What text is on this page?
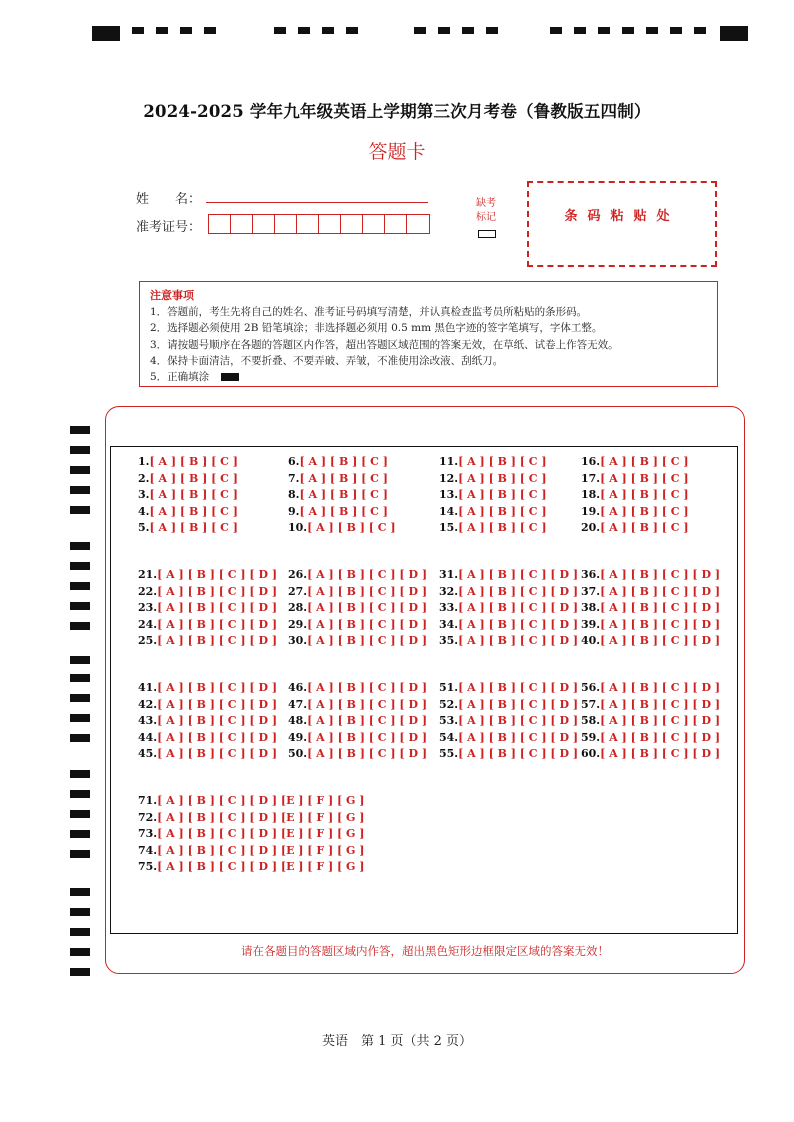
2024-2025 学年九年级英语上学期第三次月考卷（鲁教版五四制）
答题卡
姓　　名：
准考证号：
缺考
标记	条码粘贴处
注意事项
1．答题前，考生先将自己的姓名、准考证号码填写清楚，并认真检查监考员所粘贴的条形码。
2．选择题必须使用 2B 铅笔填涂；非选择题必须用 0.5 mm 黑色字迹的签字笔填写，字体工整。
3．请按题号顺序在各题的答题区内作答，超出答题区域范围的答案无效，在草纸、试卷上作答无效。
4．保持卡面清洁，不要折叠、不要弄破、弄皱，不准使用涂改液、刮纸刀。
5．正确填涂
1.[ A ] [ B ] [ C ]
2.[ A ] [ B ] [ C ]
3.[ A ] [ B ] [ C ]
4.[ A ] [ B ] [ C ]
5.[ A ] [ B ] [ C ]
6.[ A ] [ B ] [ C ]
7.[ A ] [ B ] [ C ]
8.[ A ] [ B ] [ C ]
9.[ A ] [ B ] [ C ]
10.[ A ] [ B ] [ C ]
11.[ A ] [ B ] [ C ]
12.[ A ] [ B ] [ C ]
13.[ A ] [ B ] [ C ]
14.[ A ] [ B ] [ C ]
15.[ A ] [ B ] [ C ]
16.[ A ] [ B ] [ C ]
17.[ A ] [ B ] [ C ]
18.[ A ] [ B ] [ C ]
19.[ A ] [ B ] [ C ]
20.[ A ] [ B ] [ C ]
21.[ A ] [ B ] [ C ] [ D ]
22.[ A ] [ B ] [ C ] [ D ]
23.[ A ] [ B ] [ C ] [ D ]
24.[ A ] [ B ] [ C ] [ D ]
25.[ A ] [ B ] [ C ] [ D ]
26.[ A ] [ B ] [ C ] [ D ]
27.[ A ] [ B ] [ C ] [ D ]
28.[ A ] [ B ] [ C ] [ D ]
29.[ A ] [ B ] [ C ] [ D ]
30.[ A ] [ B ] [ C ] [ D ]
31.[ A ] [ B ] [ C ] [ D ]
32.[ A ] [ B ] [ C ] [ D ]
33.[ A ] [ B ] [ C ] [ D ]
34.[ A ] [ B ] [ C ] [ D ]
35.[ A ] [ B ] [ C ] [ D ]
36.[ A ] [ B ] [ C ] [ D ]
37.[ A ] [ B ] [ C ] [ D ]
38.[ A ] [ B ] [ C ] [ D ]
39.[ A ] [ B ] [ C ] [ D ]
40.[ A ] [ B ] [ C ] [ D ]
41.[ A ] [ B ] [ C ] [ D ]
42.[ A ] [ B ] [ C ] [ D ]
43.[ A ] [ B ] [ C ] [ D ]
44.[ A ] [ B ] [ C ] [ D ]
45.[ A ] [ B ] [ C ] [ D ]
46.[ A ] [ B ] [ C ] [ D ]
47.[ A ] [ B ] [ C ] [ D ]
48.[ A ] [ B ] [ C ] [ D ]
49.[ A ] [ B ] [ C ] [ D ]
50.[ A ] [ B ] [ C ] [ D ]
51.[ A ] [ B ] [ C ] [ D ]
52.[ A ] [ B ] [ C ] [ D ]
53.[ A ] [ B ] [ C ] [ D ]
54.[ A ] [ B ] [ C ] [ D ]
55.[ A ] [ B ] [ C ] [ D ]
56.[ A ] [ B ] [ C ] [ D ]
57.[ A ] [ B ] [ C ] [ D ]
58.[ A ] [ B ] [ C ] [ D ]
59.[ A ] [ B ] [ C ] [ D ]
60.[ A ] [ B ] [ C ] [ D ]
71.[ A ] [ B ] [ C ] [ D ] [E ] [ F ] [ G ]
72.[ A ] [ B ] [ C ] [ D ] [E ] [ F ] [ G ]
73.[ A ] [ B ] [ C ] [ D ] [E ] [ F ] [ G ]
74.[ A ] [ B ] [ C ] [ D ] [E ] [ F ] [ G ]
75.[ A ] [ B ] [ C ] [ D ] [E ] [ F ] [ G ]
请在各题目的答题区域内作答，超出黑色矩形边框限定区域的答案无效！
英语　第 1 页（共 2 页）
